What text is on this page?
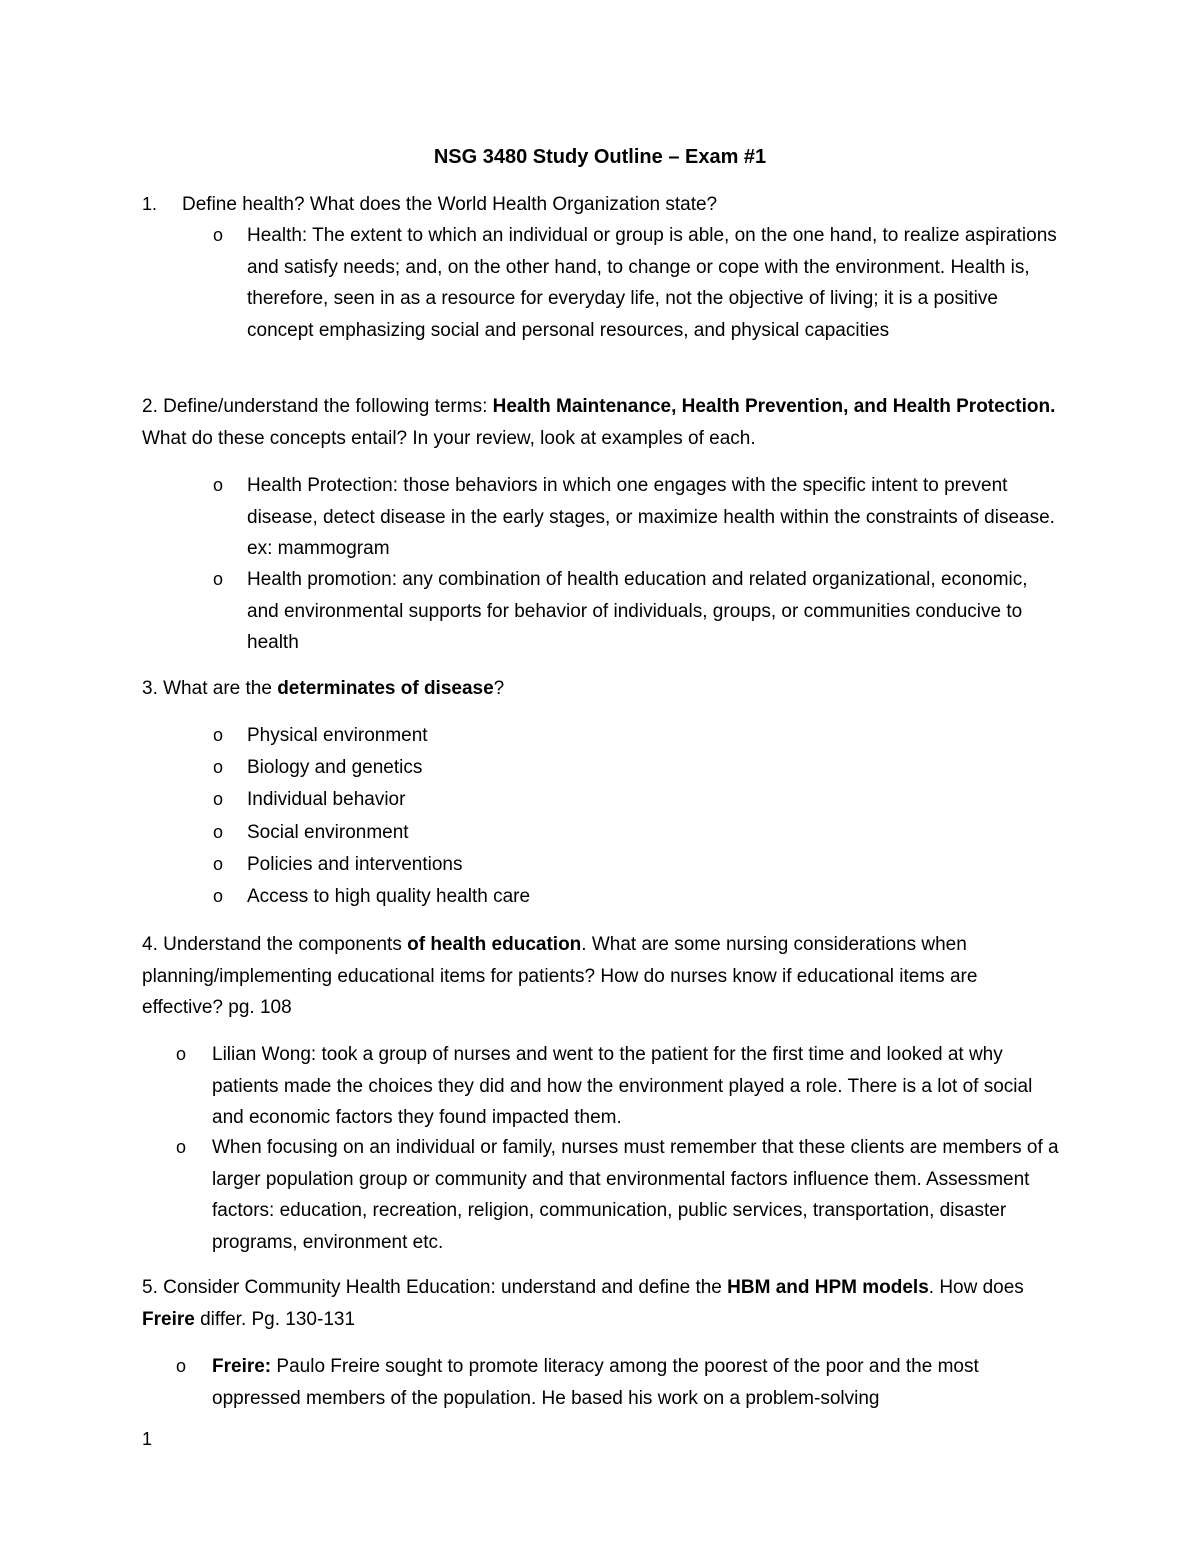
NSG 3480 Study Outline – Exam #1
1.	Define health? What does the World Health Organization state?
o	Health: The extent to which an individual or group is able, on the one hand, to realize aspirations and satisfy needs; and, on the other hand, to change or cope with the environment. Health is, therefore, seen in as a resource for everyday life, not the objective of living; it is a positive concept emphasizing social and personal resources, and physical capacities

2. Define/understand the following terms: Health Maintenance, Health Prevention, and Health Protection. What do these concepts entail? In your review, look at examples of each.

o	Health Protection: those behaviors in which one engages with the specific intent to prevent disease, detect disease in the early stages, or maximize health within the constraints of disease. ex: mammogram
o	Health promotion: any combination of health education and related organizational, economic, and environmental supports for behavior of individuals, groups, or communities conducive to health

3. What are the determinates of disease?

o	Physical environment
o	Biology and genetics
o	Individual behavior
o	Social environment
o	Policies and interventions
o	Access to high quality health care

4. Understand the components of health education. What are some nursing considerations when planning/implementing educational items for patients? How do nurses know if educational items are effective? pg. 108

o	Lilian Wong: took a group of nurses and went to the patient for the first time and looked at why patients made the choices they did and how the environment played a role. There is a lot of social and economic factors they found impacted them.
o	When focusing on an individual or family, nurses must remember that these clients are members of a larger population group or community and that environmental factors influence them. Assessment factors: education, recreation, religion, communication, public services, transportation, disaster programs, environment etc.

5. Consider Community Health Education: understand and define the HBM and HPM models. How does Freire differ. Pg. 130-131

o	Freire: Paulo Freire sought to promote literacy among the poorest of the poor and the most oppressed members of the population. He based his work on a problem-solving
1
